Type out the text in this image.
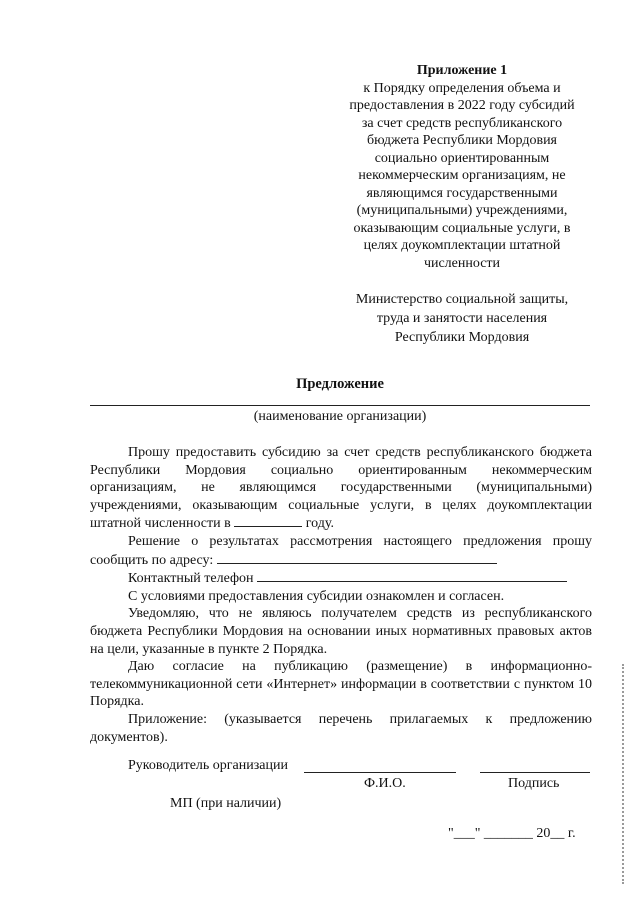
Приложение 1
к Порядку определения объема и
предоставления в 2022 году субсидий
за счет средств республиканского
бюджета Республики Мордовия
социально ориентированным
некоммерческим организациям, не
являющимся государственными
(муниципальными) учреждениями,
оказывающим социальные услуги, в
целях доукомплектации штатной
численности
Министерство социальной защиты,
труда и занятости населения
Республики Мордовия
Предложение
(наименование организации)

Прошу предоставить субсидию за счет средств республиканского бюджета Республики Мордовия социально ориентированным некоммерческим организациям, не являющимся государственными (муниципальными) учреждениями, оказывающим социальные услуги, в целях доукомплектации штатной численности в	году.

Решение о результатах рассмотрения настоящего предложения прошу сообщить по адресу:

Контактный телефон

С условиями предоставления субсидии ознакомлен и согласен.

Уведомляю, что не являюсь получателем средств из республиканского бюджета Республики Мордовия на основании иных нормативных правовых актов на цели, указанные в пункте 2 Порядка.

Даю согласие на публикацию (размещение) в информационно-телекоммуникационной сети «Интернет» информации в соответствии с пунктом 10 Порядка.

Приложение: (указывается перечень прилагаемых к предложению документов).

Руководитель организации
Ф.И.О.	Подпись
МП (при наличии)
"___" _______ 20__ г.
